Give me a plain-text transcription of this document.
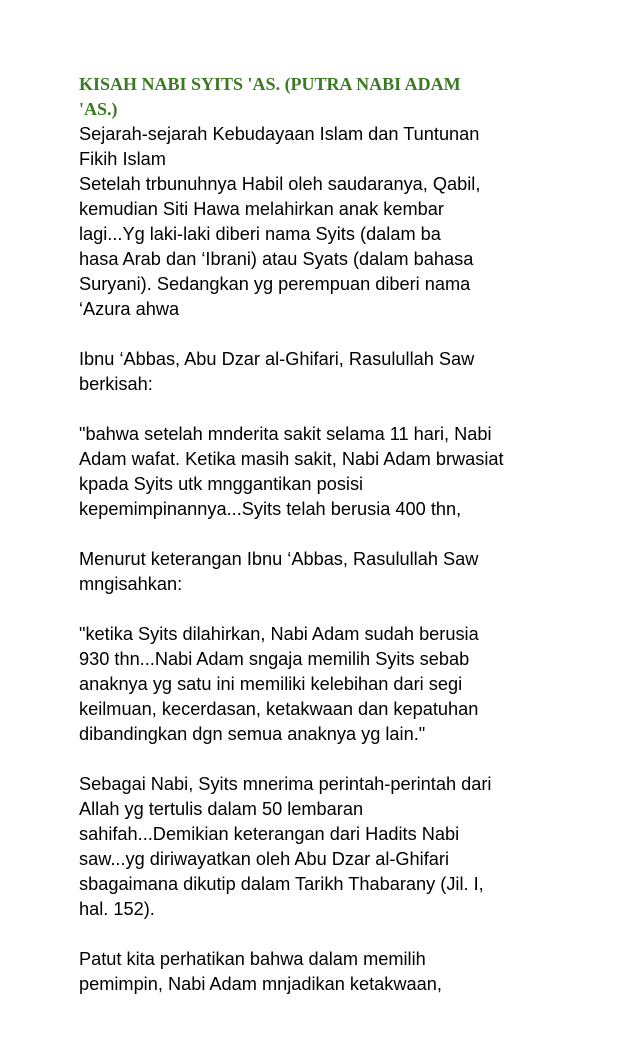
KISAH NABI SYITS 'AS. (PUTRA NABI ADAM
'AS.)
Sejarah-sejarah Kebudayaan Islam dan Tuntunan
Fikih Islam
Setelah trbunuhnya Habil oleh saudaranya, Qabil,
kemudian Siti Hawa melahirkan anak kembar
lagi...Yg laki-laki diberi nama Syits (dalam ba
hasa Arab dan ‘Ibrani) atau Syats (dalam bahasa
Suryani). Sedangkan yg perempuan diberi nama
‘Azura ahwa
Ibnu ‘Abbas, Abu Dzar al-Ghifari, Rasulullah Saw
berkisah:
"bahwa setelah mnderita sakit selama 11 hari, Nabi
Adam wafat. Ketika masih sakit, Nabi Adam brwasiat
kpada Syits utk mnggantikan posisi
kepemimpinannya...Syits telah berusia 400 thn,
Menurut keterangan Ibnu ‘Abbas, Rasulullah Saw
mngisahkan:
"ketika Syits dilahirkan, Nabi Adam sudah berusia
930 thn...Nabi Adam sngaja memilih Syits sebab
anaknya yg satu ini memiliki kelebihan dari segi
keilmuan, kecerdasan, ketakwaan dan kepatuhan
dibandingkan dgn semua anaknya yg lain."
Sebagai Nabi, Syits mnerima perintah-perintah dari
Allah yg tertulis dalam 50 lembaran
sahifah...Demikian keterangan dari Hadits Nabi
saw...yg diriwayatkan oleh Abu Dzar al-Ghifari
sbagaimana dikutip dalam Tarikh Thabarany (Jil. I,
hal. 152).
Patut kita perhatikan bahwa dalam memilih
pemimpin, Nabi Adam mnjadikan ketakwaan,
